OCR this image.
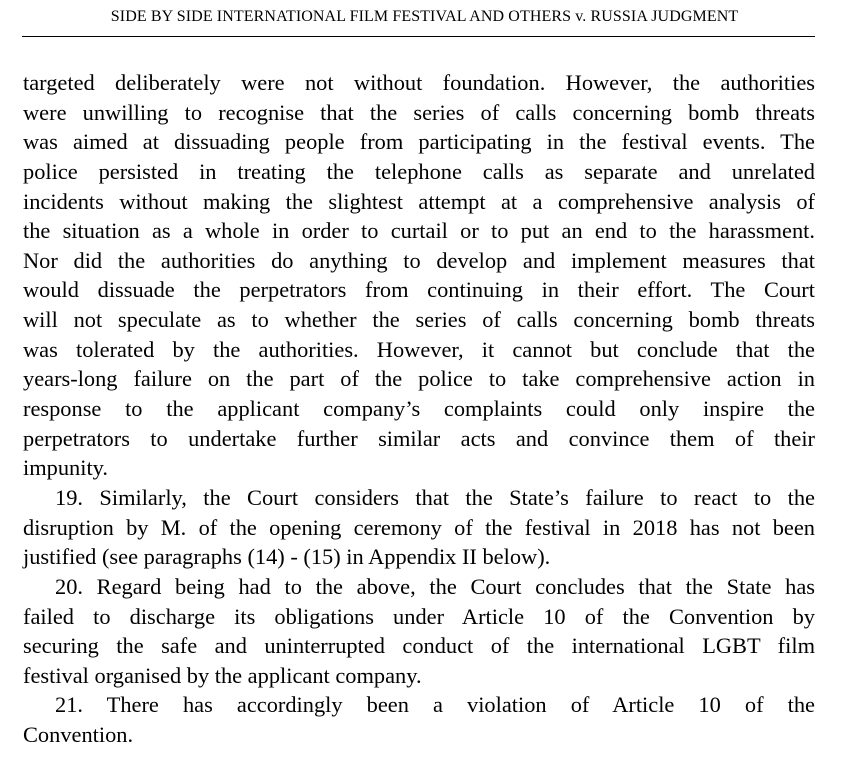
SIDE BY SIDE INTERNATIONAL FILM FESTIVAL AND OTHERS v. RUSSIA JUDGMENT
targeted deliberately were not without foundation. However, the authorities
were unwilling to recognise that the series of calls concerning bomb threats
was aimed at dissuading people from participating in the festival events. The
police persisted in treating the telephone calls as separate and unrelated
incidents without making the slightest attempt at a comprehensive analysis of
the situation as a whole in order to curtail or to put an end to the harassment.
Nor did the authorities do anything to develop and implement measures that
would dissuade the perpetrators from continuing in their effort. The Court
will not speculate as to whether the series of calls concerning bomb threats
was tolerated by the authorities. However, it cannot but conclude that the
years-long failure on the part of the police to take comprehensive action in
response to the applicant company’s complaints could only inspire the
perpetrators to undertake further similar acts and convince them of their
impunity.
19. Similarly, the Court considers that the State’s failure to react to the
disruption by M. of the opening ceremony of the festival in 2018 has not been
justified (see paragraphs (14) - (15) in Appendix II below).
20. Regard being had to the above, the Court concludes that the State has
failed to discharge its obligations under Article 10 of the Convention by
securing the safe and uninterrupted conduct of the international LGBT film
festival organised by the applicant company.
21. There has accordingly been a violation of Article 10 of the
Convention.
